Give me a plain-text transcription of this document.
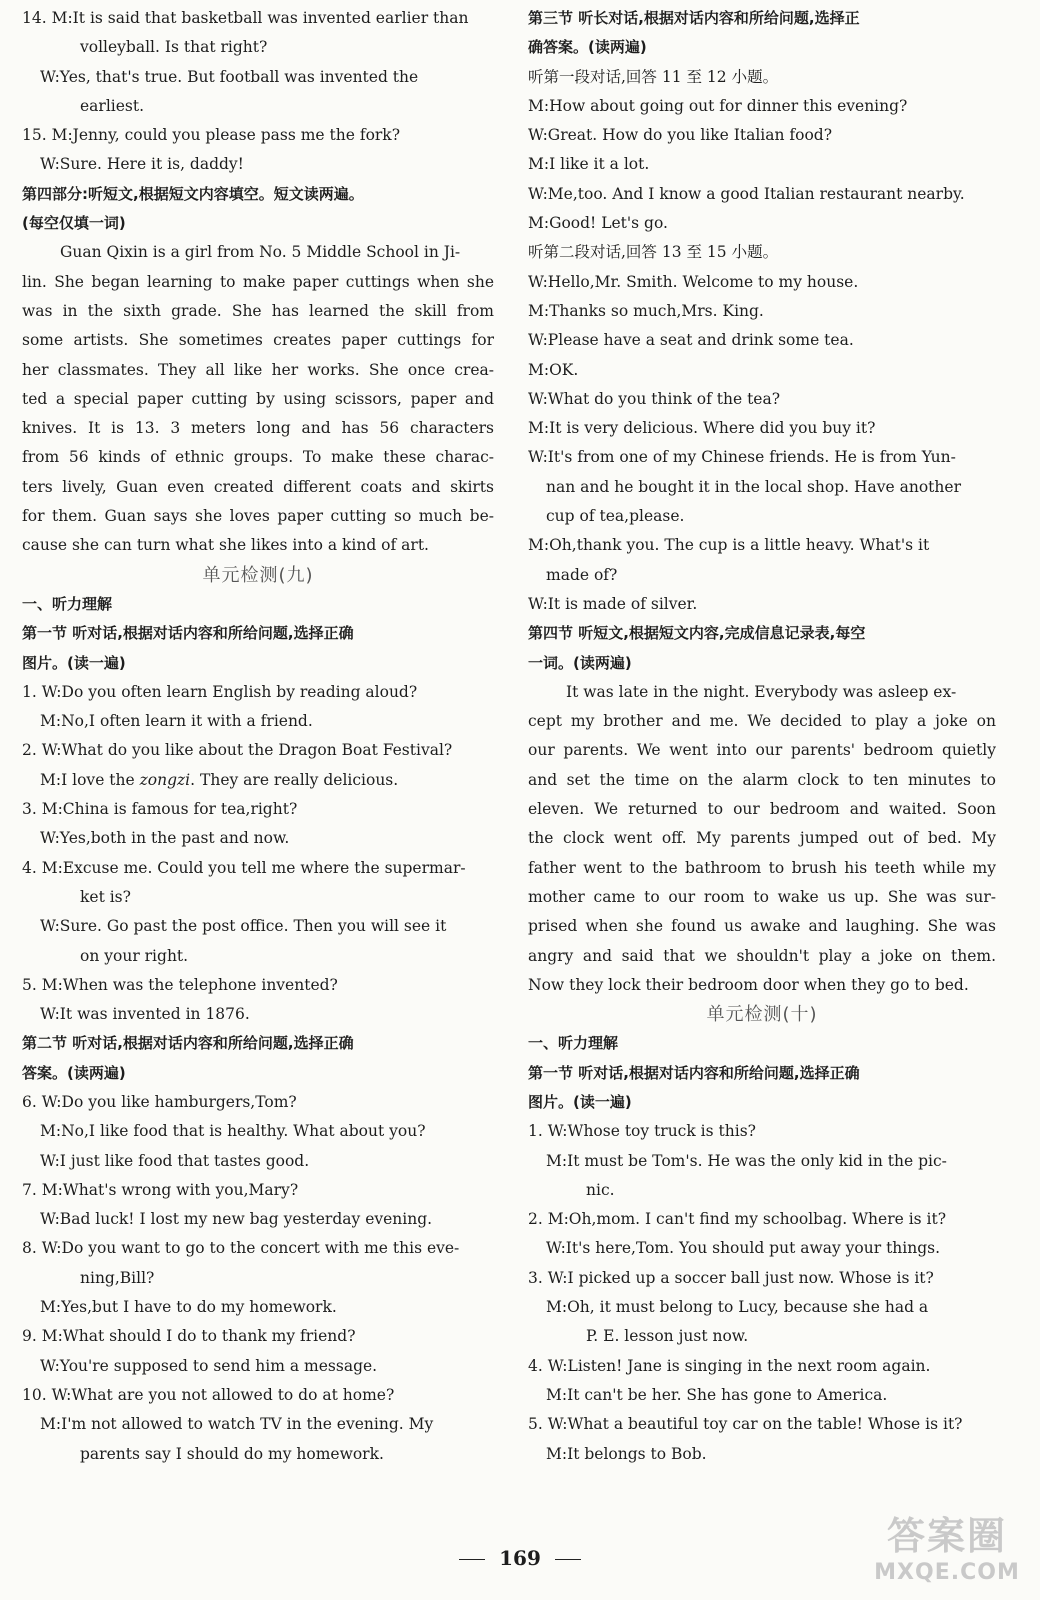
14. M:It is said that basketball was invented earlier than
volleyball. Is that right?
W:Yes, that's true. But football was invented the
earliest.
15. M:Jenny, could you please pass me the fork?
W:Sure. Here it is, daddy!
第四部分:听短文,根据短文内容填空。短文读两遍。
(每空仅填一词)
Guan Qixin is a girl from No. 5 Middle School in Ji-
lin. She began learning to make paper cuttings when she
was in the sixth grade. She has learned the skill from
some artists. She sometimes creates paper cuttings for
her classmates. They all like her works. She once crea-
ted a special paper cutting by using scissors, paper and
knives. It is 13. 3 meters long and has 56 characters
from 56 kinds of ethnic groups. To make these charac-
ters lively, Guan even created different coats and skirts
for them. Guan says she loves paper cutting so much be-
cause she can turn what she likes into a kind of art.
单元检测(九)
一、听力理解
第一节 听对话,根据对话内容和所给问题,选择正确
图片。(读一遍)
1. W:Do you often learn English by reading aloud?
M:No,I often learn it with a friend.
2. W:What do you like about the Dragon Boat Festival?
M:I love the zongzi. They are really delicious.
3. M:China is famous for tea,right?
W:Yes,both in the past and now.
4. M:Excuse me. Could you tell me where the supermar-
ket is?
W:Sure. Go past the post office. Then you will see it
on your right.
5. M:When was the telephone invented?
W:It was invented in 1876.
第二节 听对话,根据对话内容和所给问题,选择正确
答案。(读两遍)
6. W:Do you like hamburgers,Tom?
M:No,I like food that is healthy. What about you?
W:I just like food that tastes good.
7. M:What's wrong with you,Mary?
W:Bad luck! I lost my new bag yesterday evening.
8. W:Do you want to go to the concert with me this eve-
ning,Bill?
M:Yes,but I have to do my homework.
9. M:What should I do to thank my friend?
W:You're supposed to send him a message.
10. W:What are you not allowed to do at home?
M:I'm not allowed to watch TV in the evening. My
parents say I should do my homework.
第三节 听长对话,根据对话内容和所给问题,选择正
确答案。(读两遍)
听第一段对话,回答 11 至 12 小题。
M:How about going out for dinner this evening?
W:Great. How do you like Italian food?
M:I like it a lot.
W:Me,too. And I know a good Italian restaurant nearby.
M:Good! Let's go.
听第二段对话,回答 13 至 15 小题。
W:Hello,Mr. Smith. Welcome to my house.
M:Thanks so much,Mrs. King.
W:Please have a seat and drink some tea.
M:OK.
W:What do you think of the tea?
M:It is very delicious. Where did you buy it?
W:It's from one of my Chinese friends. He is from Yun-
nan and he bought it in the local shop. Have another
cup of tea,please.
M:Oh,thank you. The cup is a little heavy. What's it
made of?
W:It is made of silver.
第四节 听短文,根据短文内容,完成信息记录表,每空
一词。(读两遍)
It was late in the night. Everybody was asleep ex-
cept my brother and me. We decided to play a joke on
our parents. We went into our parents' bedroom quietly
and set the time on the alarm clock to ten minutes to
eleven. We returned to our bedroom and waited. Soon
the clock went off. My parents jumped out of bed. My
father went to the bathroom to brush his teeth while my
mother came to our room to wake us up. She was sur-
prised when she found us awake and laughing. She was
angry and said that we shouldn't play a joke on them.
Now they lock their bedroom door when they go to bed.
单元检测(十)
一、听力理解
第一节 听对话,根据对话内容和所给问题,选择正确
图片。(读一遍)
1. W:Whose toy truck is this?
M:It must be Tom's. He was the only kid in the pic-
nic.
2. M:Oh,mom. I can't find my schoolbag. Where is it?
W:It's here,Tom. You should put away your things.
3. W:I picked up a soccer ball just now. Whose is it?
M:Oh, it must belong to Lucy, because she had a
P. E. lesson just now.
4. W:Listen! Jane is singing in the next room again.
M:It can't be her. She has gone to America.
5. W:What a beautiful toy car on the table! Whose is it?
M:It belongs to Bob.
169	答案圈
MXQE.COM
